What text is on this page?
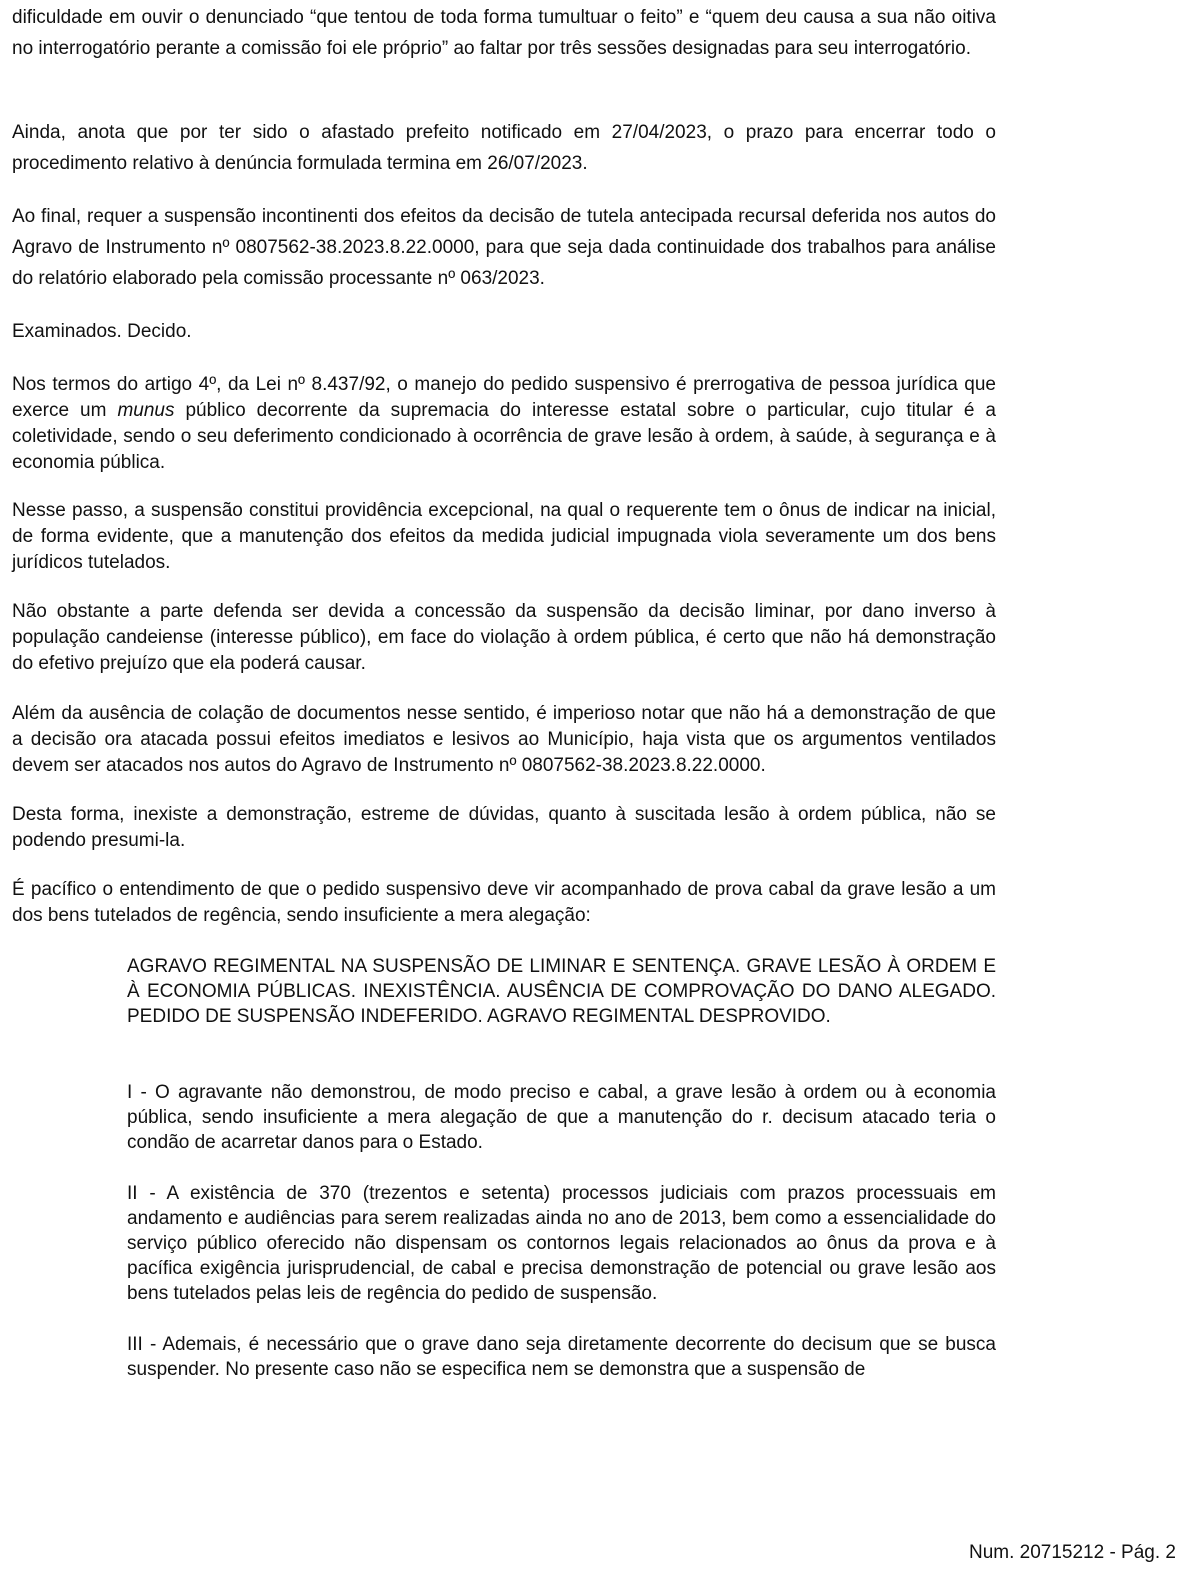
dificuldade em ouvir o denunciado “que tentou de toda forma tumultuar o feito” e “quem deu causa a sua não oitiva no interrogatório perante a comissão foi ele próprio” ao faltar por três sessões designadas para seu interrogatório.

Ainda, anota que por ter sido o afastado prefeito notificado em 27/04/2023, o prazo para encerrar todo o procedimento relativo à denúncia formulada termina em 26/07/2023.

Ao final, requer a suspensão incontinenti dos efeitos da decisão de tutela antecipada recursal deferida nos autos do Agravo de Instrumento nº 0807562-38.2023.8.22.0000, para que seja dada continuidade dos trabalhos para análise do relatório elaborado pela comissão processante nº 063/2023.

Examinados. Decido.

Nos termos do artigo 4º, da Lei nº 8.437/92, o manejo do pedido suspensivo é prerrogativa de pessoa jurídica que exerce um munus público decorrente da supremacia do interesse estatal sobre o particular, cujo titular é a coletividade, sendo o seu deferimento condicionado à ocorrência de grave lesão à ordem, à saúde, à segurança e à economia pública.

Nesse passo, a suspensão constitui providência excepcional, na qual o requerente tem o ônus de indicar na inicial, de forma evidente, que a manutenção dos efeitos da medida judicial impugnada viola severamente um dos bens jurídicos tutelados.

Não obstante a parte defenda ser devida a concessão da suspensão da decisão liminar, por dano inverso à população candeiense (interesse público), em face do violação à ordem pública, é certo que não há demonstração do efetivo prejuízo que ela poderá causar.

Além da ausência de colação de documentos nesse sentido, é imperioso notar que não há a demonstração de que a decisão ora atacada possui efeitos imediatos e lesivos ao Município, haja vista que os argumentos ventilados devem ser atacados nos autos do Agravo de Instrumento nº 0807562-38.2023.8.22.0000.

Desta forma, inexiste a demonstração, estreme de dúvidas, quanto à suscitada lesão à ordem pública, não se podendo presumi-la.

É pacífico o entendimento de que o pedido suspensivo deve vir acompanhado de prova cabal da grave lesão a um dos bens tutelados de regência, sendo insuficiente a mera alegação:

AGRAVO REGIMENTAL NA SUSPENSÃO DE LIMINAR E SENTENÇA. GRAVE LESÃO À ORDEM E À ECONOMIA PÚBLICAS. INEXISTÊNCIA. AUSÊNCIA DE COMPROVAÇÃO DO DANO ALEGADO. PEDIDO DE SUSPENSÃO INDEFERIDO. AGRAVO REGIMENTAL DESPROVIDO.

I - O agravante não demonstrou, de modo preciso e cabal, a grave lesão à ordem ou à economia pública, sendo insuficiente a mera alegação de que a manutenção do r. decisum atacado teria o condão de acarretar danos para o Estado.

II - A existência de 370 (trezentos e setenta) processos judiciais com prazos processuais em andamento e audiências para serem realizadas ainda no ano de 2013, bem como a essencialidade do serviço público oferecido não dispensam os contornos legais relacionados ao ônus da prova e à pacífica exigência jurisprudencial, de cabal e precisa demonstração de potencial ou grave lesão aos bens tutelados pelas leis de regência do pedido de suspensão.

III - Ademais, é necessário que o grave dano seja diretamente decorrente do decisum que se busca suspender. No presente caso não se especifica nem se demonstra que a suspensão de

Num. 20715212 - Pág. 2
